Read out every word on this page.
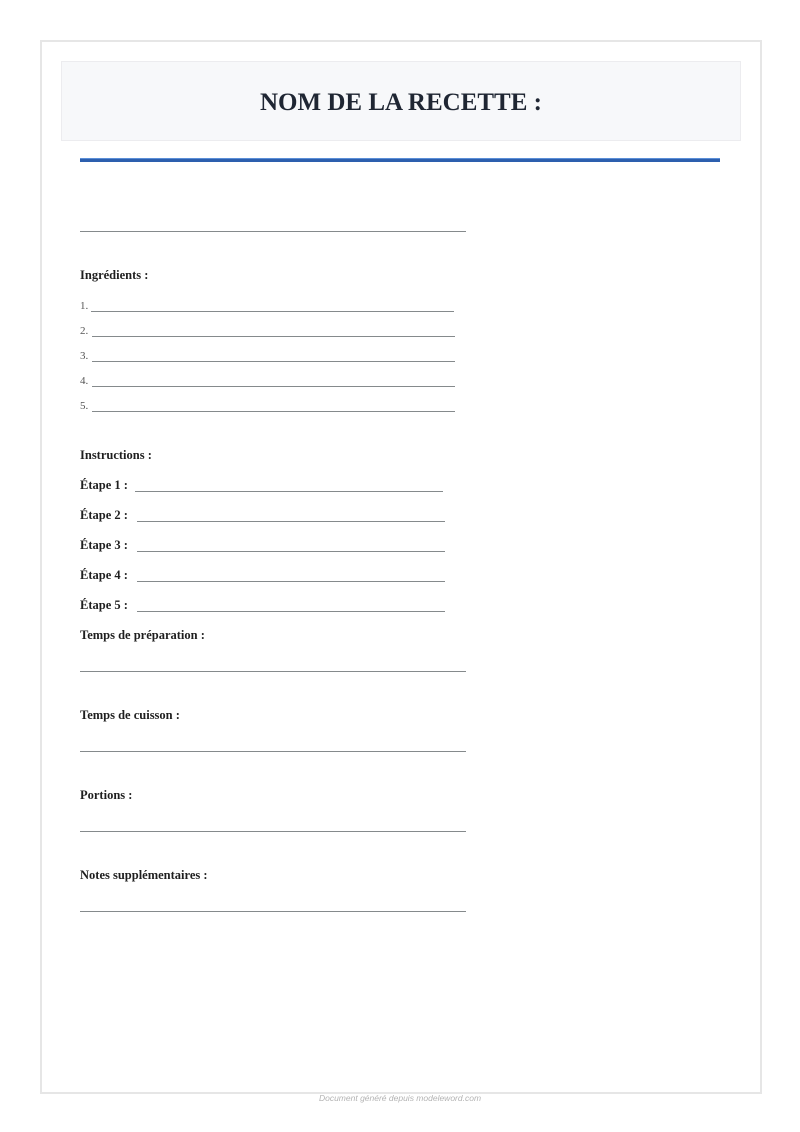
NOM DE LA RECETTE :
Ingrédients :
1.
2.
3.
4.
5.
Instructions :
Étape 1 :
Étape 2 :
Étape 3 :
Étape 4 :
Étape 5 :
Temps de préparation :
Temps de cuisson :
Portions :
Notes supplémentaires :
Document généré depuis modeleword.com
